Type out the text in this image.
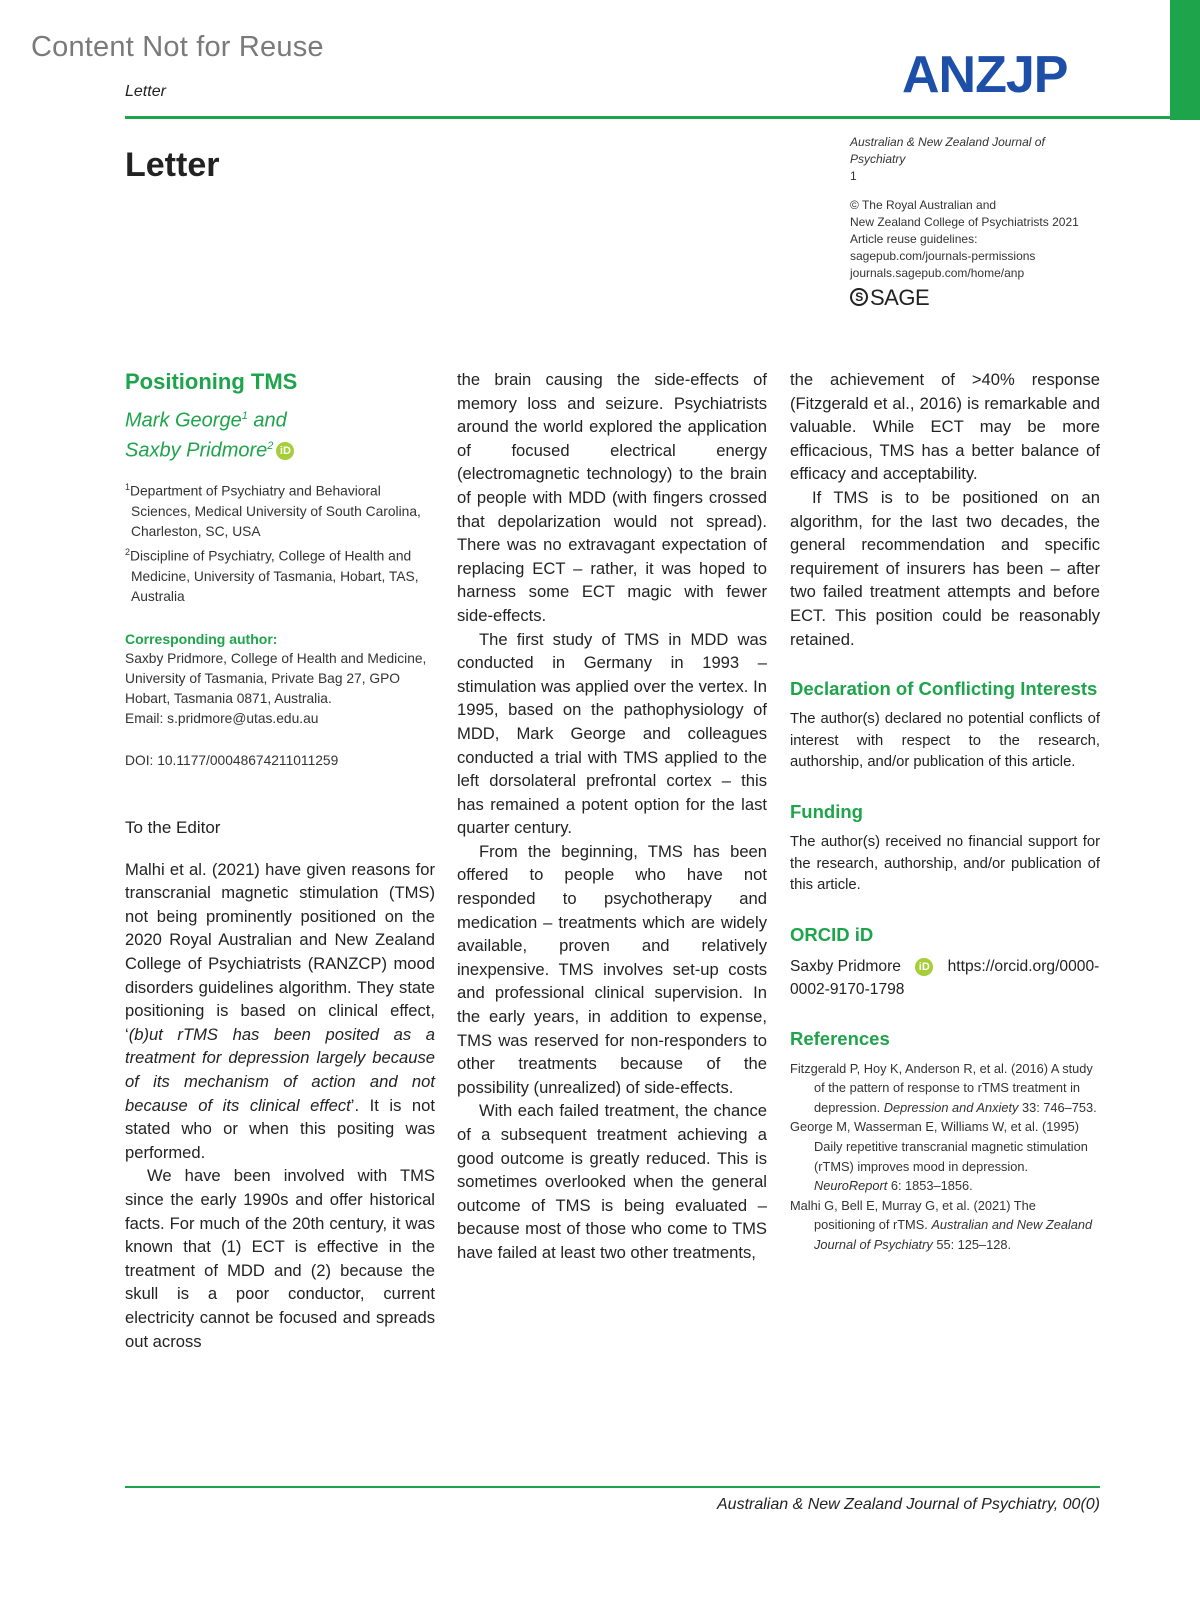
Content Not for Reuse
Letter	ANZJP
Letter
Australian & New Zealand Journal of Psychiatry
1
© The Royal Australian and
New Zealand College of Psychiatrists 2021
Article reuse guidelines:
sagepub.com/journals-permissions
journals.sagepub.com/home/anp
S SAGE
Positioning TMS
Mark George$^1$ and
Saxby Pridmore$^2$ iD
$^1$Department of Psychiatry and Behavioral Sciences, Medical University of South Carolina, Charleston, SC, USA
$^2$Discipline of Psychiatry, College of Health and Medicine, University of Tasmania, Hobart, TAS, Australia
Corresponding author:
Saxby Pridmore, College of Health and Medicine, University of Tasmania, Private Bag 27, GPO Hobart, Tasmania 0871, Australia.
Email: s.pridmore@utas.edu.au
DOI: 10.1177/00048674211011259
To the Editor

Malhi et al. (2021) have given reasons for transcranial magnetic stimulation (TMS) not being prominently positioned on the 2020 Royal Australian and New Zealand College of Psychiatrists (RANZCP) mood disorders guidelines algorithm. They state positioning is based on clinical effect, ‘(b)ut rTMS has been posited as a treatment for depression largely because of its mechanism of action and not because of its clinical effect’. It is not stated who or when this positing was performed.

We have been involved with TMS since the early 1990s and offer historical facts. For much of the 20th century, it was known that (1) ECT is effective in the treatment of MDD and (2) because the skull is a poor conductor, current electricity cannot be focused and spreads out across

the brain causing the side-effects of memory loss and seizure. Psychiatrists around the world explored the application of focused electrical energy (electromagnetic technology) to the brain of people with MDD (with fingers crossed that depolarization would not spread). There was no extravagant expectation of replacing ECT – rather, it was hoped to harness some ECT magic with fewer side-effects.

The first study of TMS in MDD was conducted in Germany in 1993 – stimulation was applied over the vertex. In 1995, based on the pathophysiology of MDD, Mark George and colleagues conducted a trial with TMS applied to the left dorsolateral prefrontal cortex – this has remained a potent option for the last quarter century.

From the beginning, TMS has been offered to people who have not responded to psychotherapy and medication – treatments which are widely available, proven and relatively inexpensive. TMS involves set-up costs and professional clinical supervision. In the early years, in addition to expense, TMS was reserved for non-responders to other treatments because of the possibility (unrealized) of side-effects.

With each failed treatment, the chance of a subsequent treatment achieving a good outcome is greatly reduced. This is sometimes overlooked when the general outcome of TMS is being evaluated – because most of those who come to TMS have failed at least two other treatments,

the achievement of >40% response (Fitzgerald et al., 2016) is remarkable and valuable. While ECT may be more efficacious, TMS has a better balance of efficacy and acceptability.

If TMS is to be positioned on an algorithm, for the last two decades, the general recommendation and specific requirement of insurers has been – after two failed treatment attempts and before ECT. This position could be reasonably retained.

Declaration of Conflicting Interests

The author(s) declared no potential conflicts of interest with respect to the research, authorship, and/or publication of this article.

Funding

The author(s) received no financial support for the research, authorship, and/or publication of this article.

ORCID iD
Saxby Pridmore iD https://orcid.org/0000-0002-9170-1798
References
Fitzgerald P, Hoy K, Anderson R, et al. (2016) A study of the pattern of response to rTMS treatment in depression. Depression and Anxiety 33: 746–753.
George M, Wasserman E, Williams W, et al. (1995) Daily repetitive transcranial magnetic stimulation (rTMS) improves mood in depression. NeuroReport 6: 1853–1856.
Malhi G, Bell E, Murray G, et al. (2021) The positioning of rTMS. Australian and New Zealand Journal of Psychiatry 55: 125–128.
Australian & New Zealand Journal of Psychiatry, 00(0)
